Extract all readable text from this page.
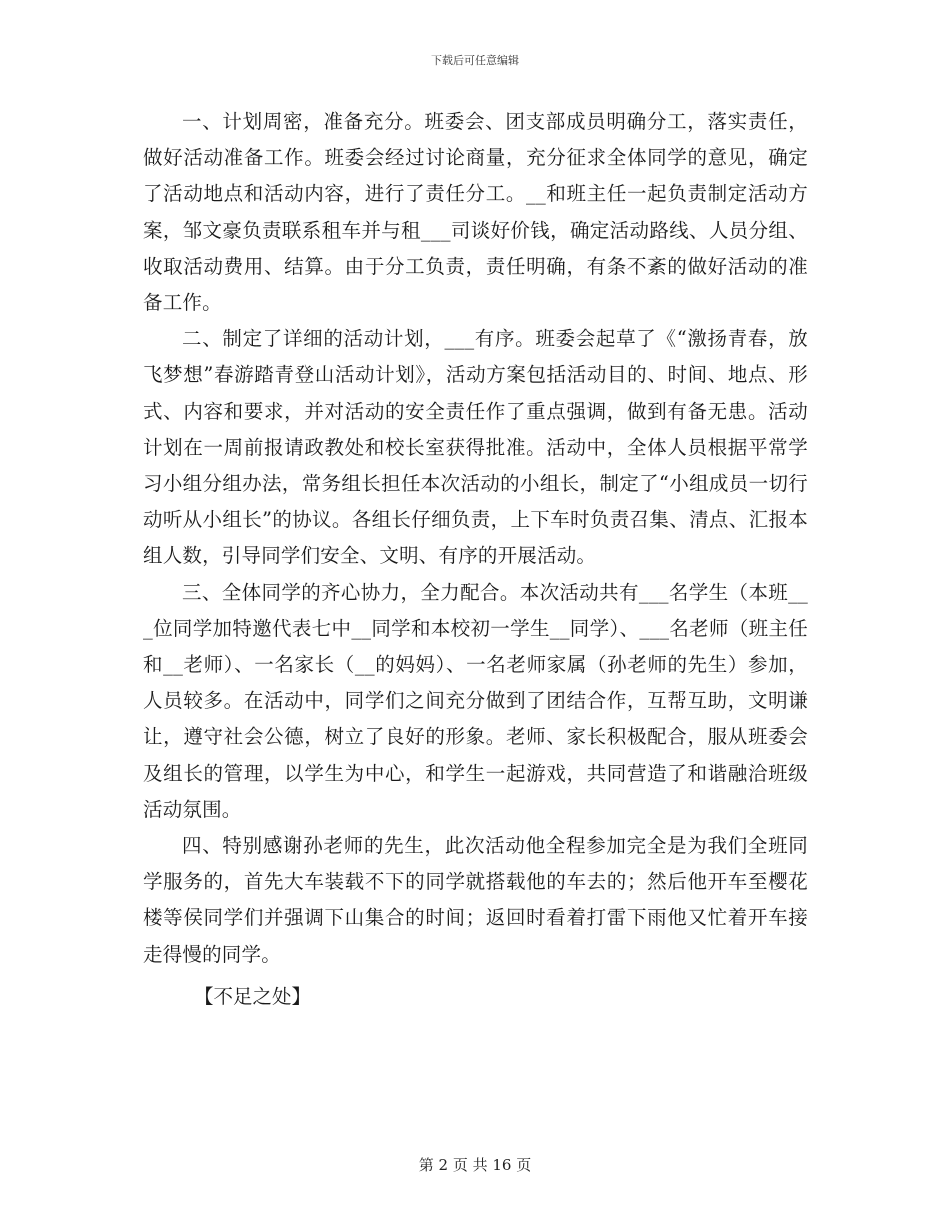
下载后可任意编辑

一、计划周密，准备充分。班委会、团支部成员明确分工，落实责任，做好活动准备工作。班委会经过讨论商量，充分征求全体同学的意见，确定了活动地点和活动内容，进行了责任分工。__和班主任一起负责制定活动方案，邹文豪负责联系租车并与租___司谈好价钱，确定活动路线、人员分组、收取活动费用、结算。由于分工负责，责任明确，有条不紊的做好活动的准备工作。

二、制定了详细的活动计划，___有序。班委会起草了《“激扬青春，放飞梦想”春游踏青登山活动计划》，活动方案包括活动目的、时间、地点、形式、内容和要求，并对活动的安全责任作了重点强调，做到有备无患。活动计划在一周前报请政教处和校长室获得批准。活动中，全体人员根据平常学习小组分组办法，常务组长担任本次活动的小组长，制定了“小组成员一切行动听从小组长”的协议。各组长仔细负责，上下车时负责召集、清点、汇报本组人数，引导同学们安全、文明、有序的开展活动。

三、全体同学的齐心协力，全力配合。本次活动共有___名学生（本班___位同学加特邀代表七中__同学和本校初一学生__同学）、___名老师（班主任和__老师）、一名家长（__的妈妈）、一名老师家属（孙老师的先生）参加，人员较多。在活动中，同学们之间充分做到了团结合作，互帮互助，文明谦让，遵守社会公德，树立了良好的形象。老师、家长积极配合，服从班委会及组长的管理，以学生为中心，和学生一起游戏，共同营造了和谐融洽班级活动氛围。

四、特别感谢孙老师的先生，此次活动他全程参加完全是为我们全班同学服务的，首先大车装载不下的同学就搭载他的车去的；然后他开车至樱花楼等侯同学们并强调下山集合的时间；返回时看着打雷下雨他又忙着开车接走得慢的同学。

【不足之处】

第 2 页 共 16 页
